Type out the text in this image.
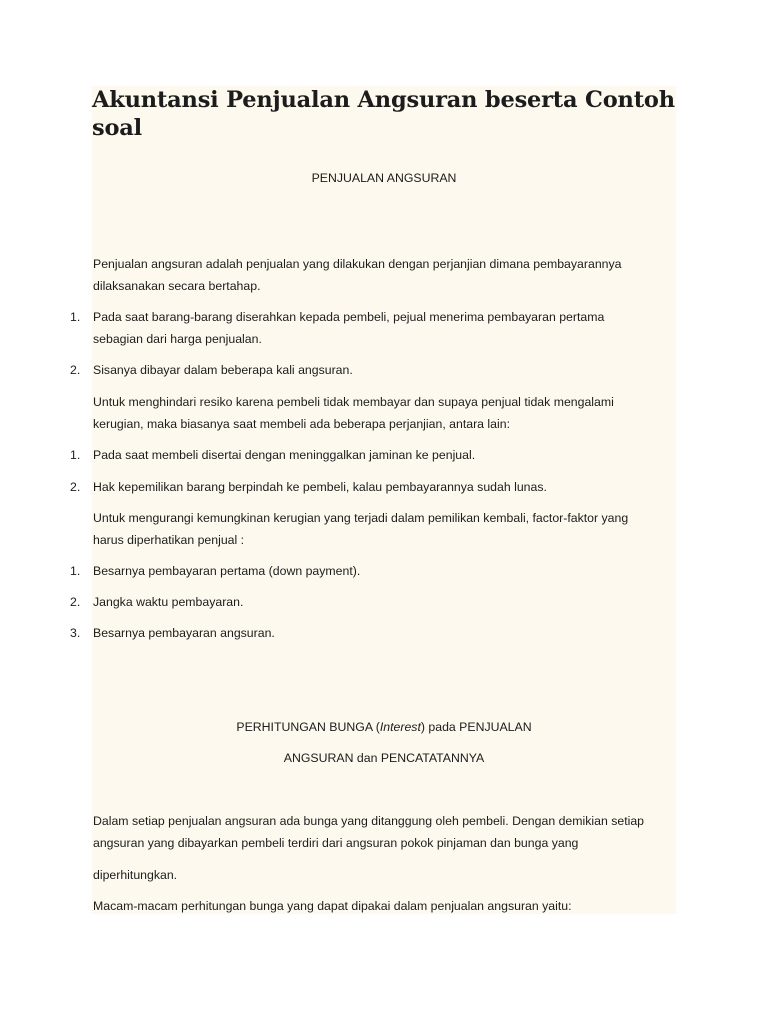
Akuntansi Penjualan Angsuran beserta Contoh soal
PENJUALAN ANGSURAN
Penjualan angsuran adalah penjualan yang dilakukan dengan perjanjian dimana pembayarannya
dilaksanakan secara bertahap.
1. Pada saat barang-barang diserahkan kepada pembeli, pejual menerima pembayaran pertama
sebagian dari harga penjualan.
2. Sisanya dibayar dalam beberapa kali angsuran.
Untuk menghindari resiko karena pembeli tidak membayar dan supaya penjual tidak mengalami
kerugian, maka biasanya saat membeli ada beberapa perjanjian, antara lain:
1. Pada saat membeli disertai dengan meninggalkan jaminan ke penjual.
2. Hak kepemilikan barang berpindah ke pembeli, kalau pembayarannya sudah lunas.
Untuk mengurangi kemungkinan kerugian yang terjadi dalam pemilikan kembali, factor-faktor yang
harus diperhatikan penjual :
1. Besarnya pembayaran pertama (down payment).
2. Jangka waktu pembayaran.
3. Besarnya pembayaran angsuran.
PERHITUNGAN BUNGA (Interest) pada PENJUALAN
ANGSURAN dan PENCATATANNYA
Dalam setiap penjualan angsuran ada bunga yang ditanggung oleh pembeli. Dengan demikian setiap
angsuran yang dibayarkan pembeli terdiri dari angsuran pokok pinjaman dan bunga yang
diperhitungkan.
Macam-macam perhitungan bunga yang dapat dipakai dalam penjualan angsuran yaitu:
